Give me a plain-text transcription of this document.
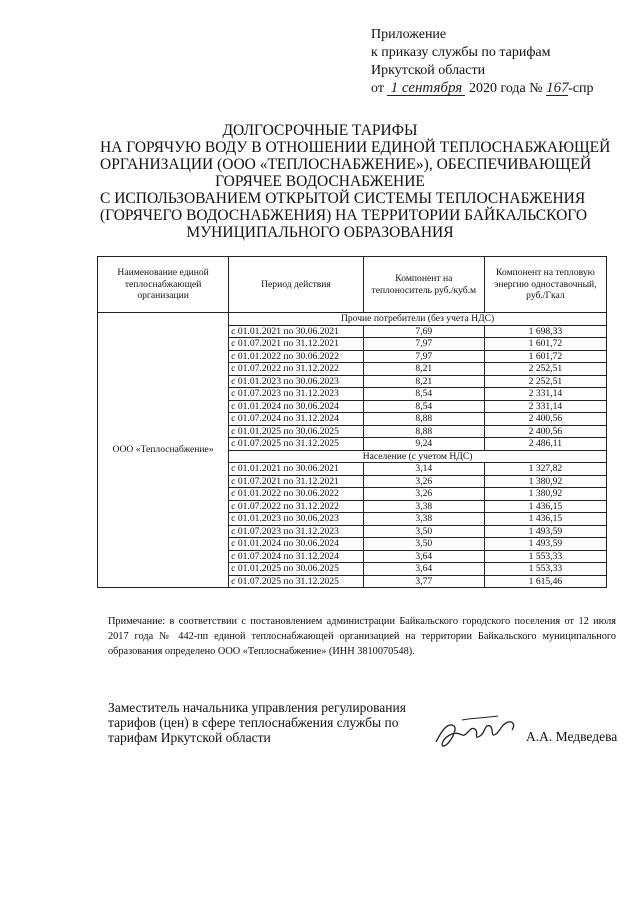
Приложение
к приказу службы по тарифам
Иркутской области
от 1 сентября 2020 года № 167-спр
ДОЛГОСРОЧНЫЕ ТАРИФЫ
НА ГОРЯЧУЮ ВОДУ В ОТНОШЕНИИ ЕДИНОЙ ТЕПЛОСНАБЖАЮЩЕЙ
ОРГАНИЗАЦИИ (ООО «ТЕПЛОСНАБЖЕНИЕ»), ОБЕСПЕЧИВАЮЩЕЙ
ГОРЯЧЕЕ ВОДОСНАБЖЕНИЕ
С ИСПОЛЬЗОВАНИЕМ ОТКРЫТОЙ СИСТЕМЫ ТЕПЛОСНАБЖЕНИЯ
(ГОРЯЧЕГО ВОДОСНАБЖЕНИЯ) НА ТЕРРИТОРИИ БАЙКАЛЬСКОГО
МУНИЦИПАЛЬНОГО ОБРАЗОВАНИЯ
Наименование единой теплоснабжающей организации	Период действия	Компонент на теплоноситель руб./куб.м	Компонент на тепловую энергию одноставочный, руб./Гкал
ООО «Теплоснабжение»	Прочие потребители (без учета НДС)		
	с 01.01.2021 по 30.06.2021	7,69	1 698,33
	с 01.07.2021 по 31.12.2021	7,97	1 601,72
	с 01.01.2022 по 30.06.2022	7,97	1 601,72
	с 01.07.2022 по 31.12.2022	8,21	2 252,51
	с 01.01.2023 по 30.06.2023	8,21	2 252,51
	с 01.07.2023 по 31.12.2023	8,54	2 331,14
	с 01.01.2024 по 30.06.2024	8,54	2 331,14
	с 01.07.2024 по 31.12.2024	8,88	2 400,56
	с 01.01.2025 по 30.06.2025	8,88	2 400,56
	с 01.07.2025 по 31.12.2025	9,24	2 486,11
	Население (с учетом НДС)		
	с 01.01.2021 по 30.06.2021	3,14	1 327,82
	с 01.07.2021 по 31.12.2021	3,26	1 380,92
	с 01.01.2022 по 30.06.2022	3,26	1 380,92
	с 01.07.2022 по 31.12.2022	3,38	1 436,15
	с 01.01.2023 по 30.06.2023	3,38	1 436,15
	с 01.07.2023 по 31.12.2023	3,50	1 493,59
	с 01.01.2024 по 30.06.2024	3,50	1 493,59
	с 01.07.2024 по 31.12.2024	3,64	1 553,33
	с 01.01.2025 по 30.06.2025	3,64	1 553,33
	с 01.07.2025 по 31.12.2025	3,77	1 615,46
Примечание: в соответствии с постановлением администрации Байкальского городского поселения от 12 июля 2017 года № 442-пп единой теплоснабжающей организацией на территории Байкальского муниципального образования определено ООО «Теплоснабжение» (ИНН 3810070548).
Заместитель начальника управления регулирования
тарифов (цен) в сфере теплоснабжения службы по
тарифам Иркутской области	А.А. Медведева
